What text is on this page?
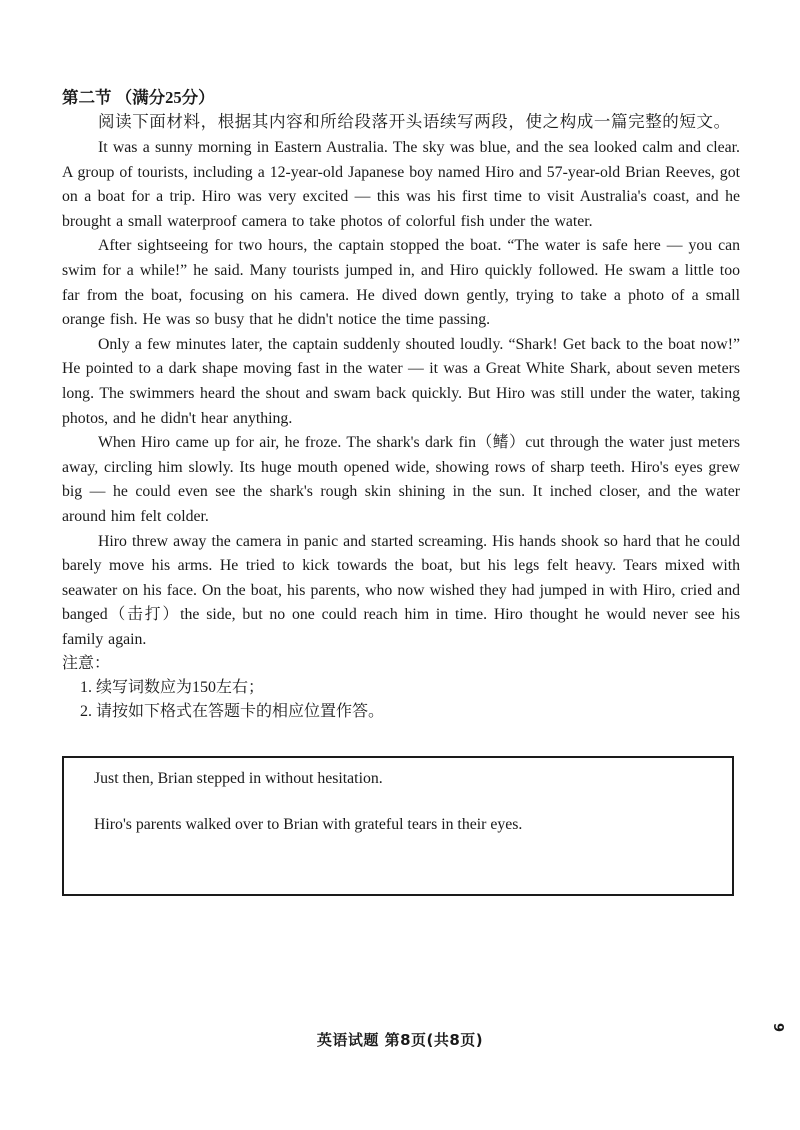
第二节 （满分25分）

阅读下面材料，根据其内容和所给段落开头语续写两段，使之构成一篇完整的短文。

It was a sunny morning in Eastern Australia. The sky was blue, and the sea looked calm and clear. A group of tourists, including a 12-year-old Japanese boy named Hiro and 57-year-old Brian Reeves, got on a boat for a trip. Hiro was very excited — this was his first time to visit Australia's coast, and he brought a small waterproof camera to take photos of colorful fish under the water.

After sightseeing for two hours, the captain stopped the boat. “The water is safe here — you can swim for a while!” he said. Many tourists jumped in, and Hiro quickly followed. He swam a little too far from the boat, focusing on his camera. He dived down gently, trying to take a photo of a small orange fish. He was so busy that he didn't notice the time passing.

Only a few minutes later, the captain suddenly shouted loudly. “Shark! Get back to the boat now!” He pointed to a dark shape moving fast in the water — it was a Great White Shark, about seven meters long. The swimmers heard the shout and swam back quickly. But Hiro was still under the water, taking photos, and he didn't hear anything.

When Hiro came up for air, he froze. The shark's dark fin（鳍）cut through the water just meters away, circling him slowly. Its huge mouth opened wide, showing rows of sharp teeth. Hiro's eyes grew big — he could even see the shark's rough skin shining in the sun. It inched closer, and the water around him felt colder.

Hiro threw away the camera in panic and started screaming. His hands shook so hard that he could barely move his arms. He tried to kick towards the boat, but his legs felt heavy. Tears mixed with seawater on his face. On the boat, his parents, who now wished they had jumped in with Hiro, cried and banged（击打）the side, but no one could reach him in time. Hiro thought he would never see his family again.

注意：

1. 续写词数应为150左右；

2. 请按如下格式在答题卡的相应位置作答。

Just then, Brian stepped in without hesitation.

Hiro's parents walked over to Brian with grateful tears in their eyes.

英语试题 第8页(共8页)
9
